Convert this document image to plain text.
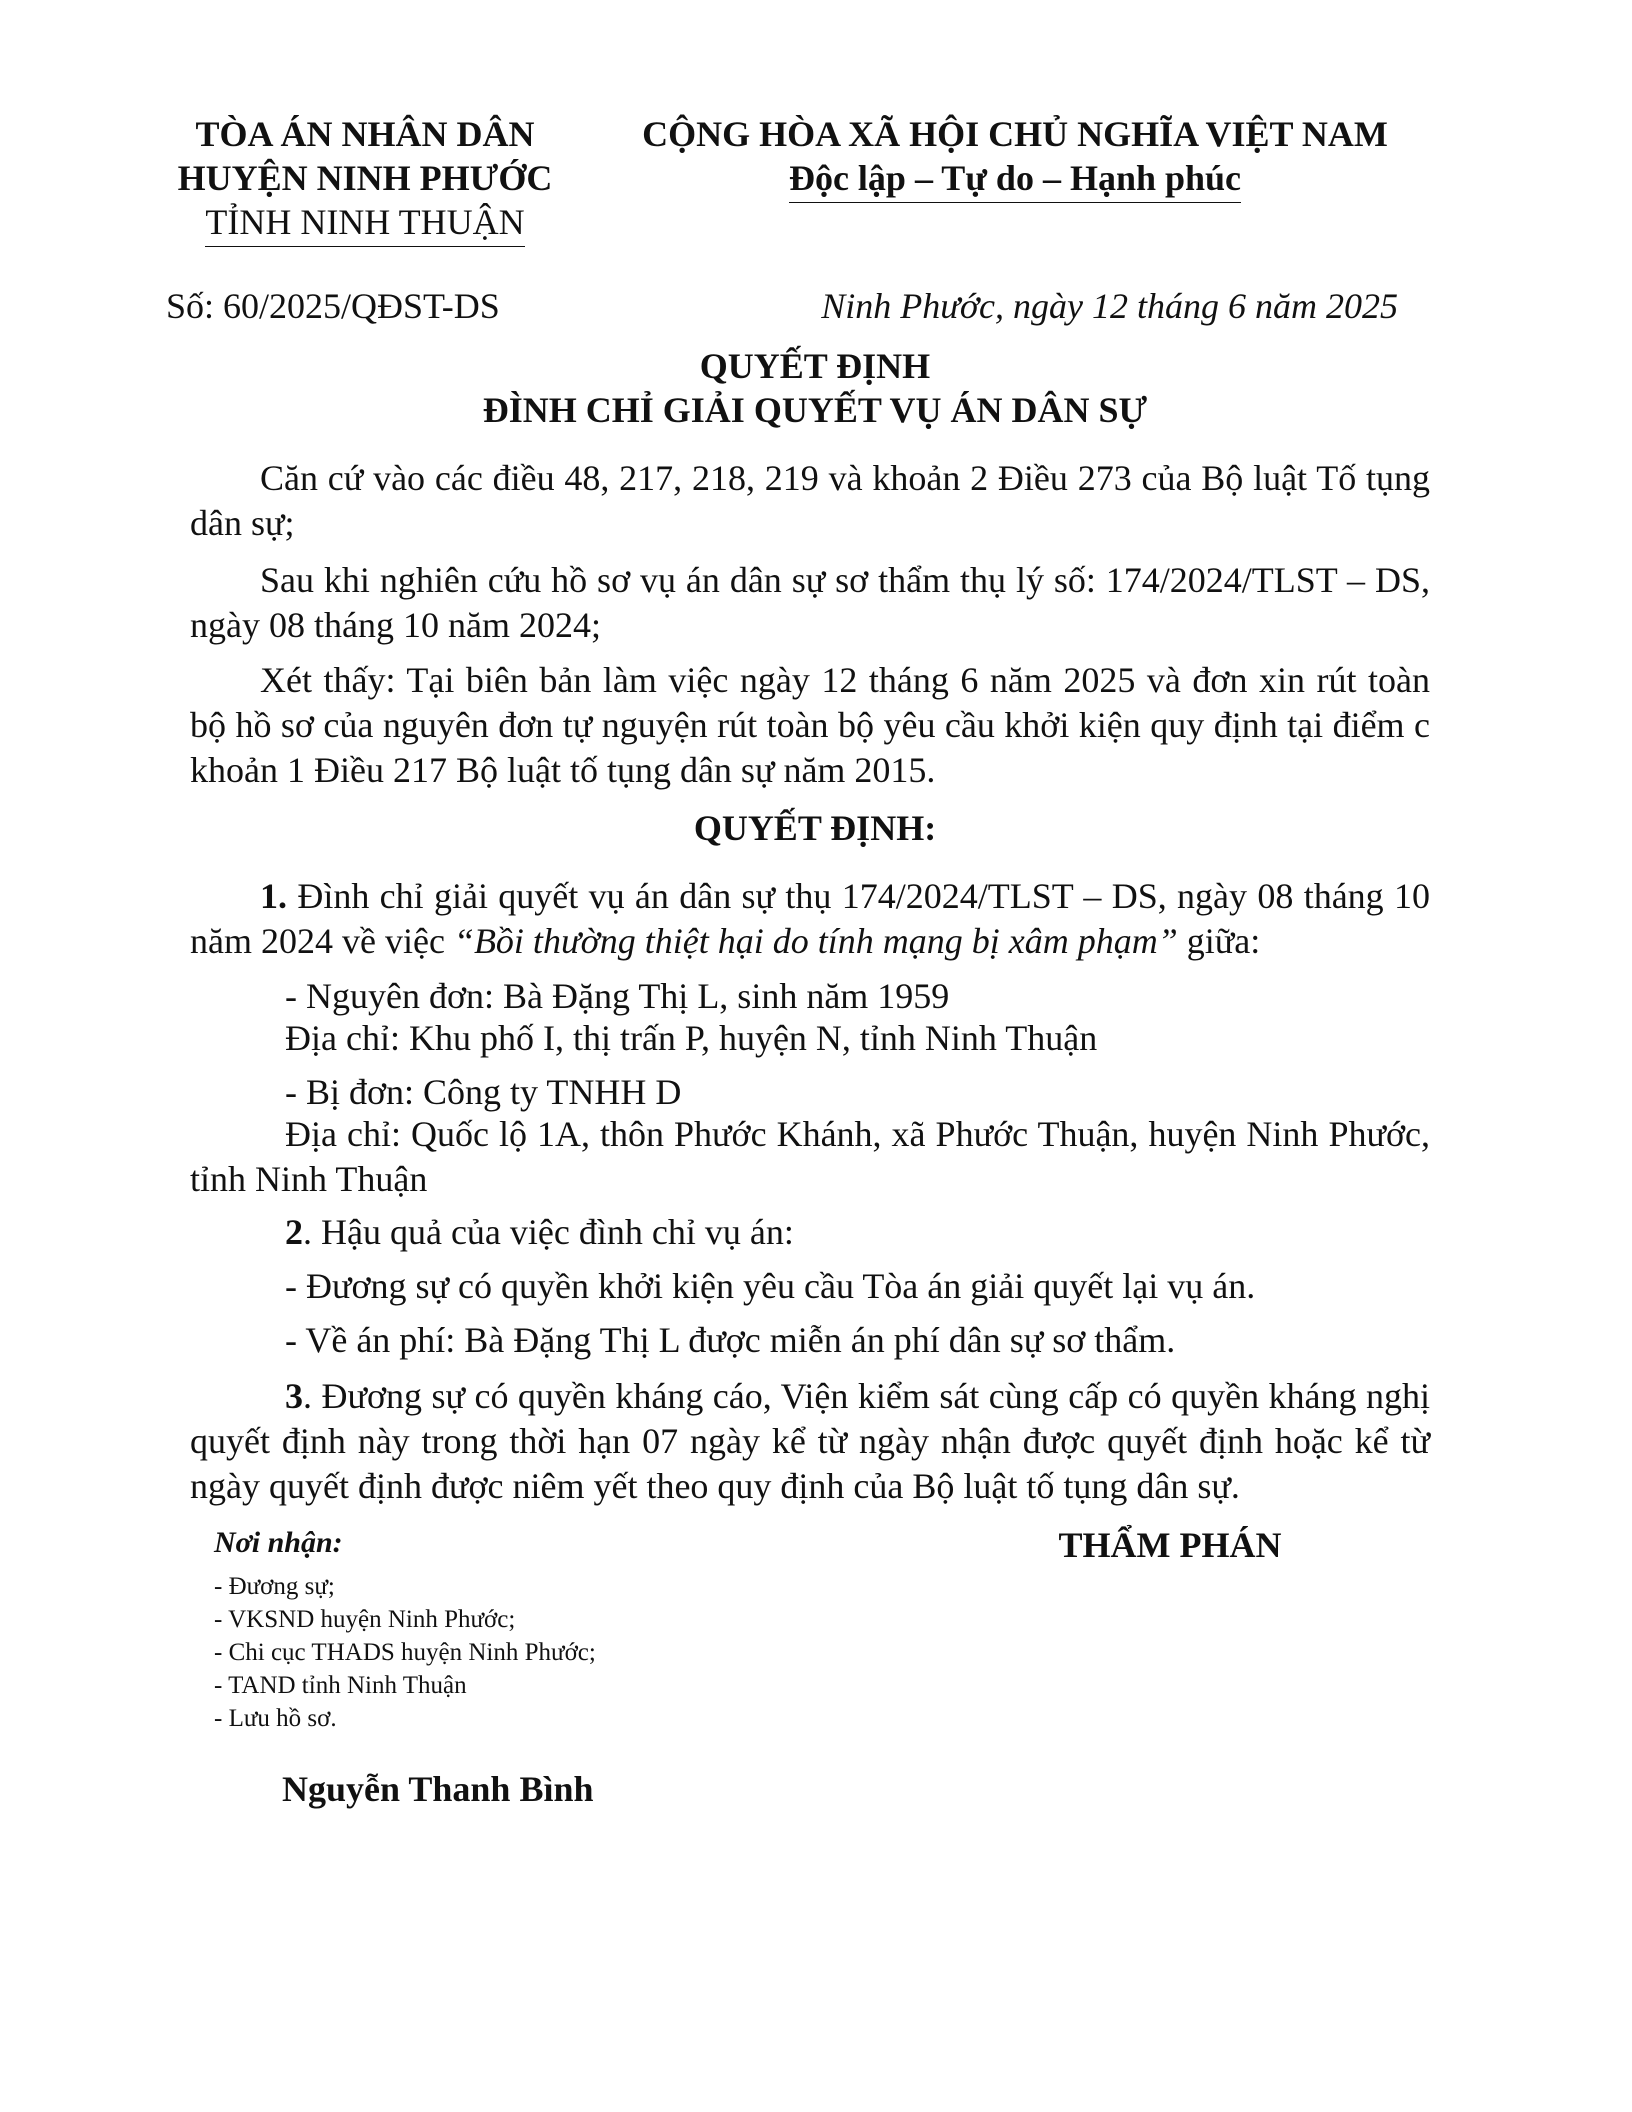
TÒA ÁN NHÂN DÂN
HUYỆN NINH PHƯỚC
TỈNH NINH THUẬN
CỘNG HÒA XÃ HỘI CHỦ NGHĨA VIỆT NAM
Độc lập – Tự do – Hạnh phúc
Số: 60/2025/QĐST-DS	Ninh Phước, ngày 12 tháng 6 năm 2025
QUYẾT ĐỊNH
ĐÌNH CHỈ GIẢI QUYẾT VỤ ÁN DÂN SỰ
Căn cứ vào các điều 48, 217, 218, 219 và khoản 2 Điều 273 của Bộ luật Tố tụng dân sự;
Sau khi nghiên cứu hồ sơ vụ án dân sự sơ thẩm thụ lý số: 174/2024/TLST – DS, ngày 08 tháng 10 năm 2024;
Xét thấy: Tại biên bản làm việc ngày 12 tháng 6 năm 2025 và đơn xin rút toàn bộ hồ sơ của nguyên đơn tự nguyện rút toàn bộ yêu cầu khởi kiện quy định tại điểm c khoản 1 Điều 217 Bộ luật tố tụng dân sự năm 2015.
QUYẾT ĐỊNH:
1. Đình chỉ giải quyết vụ án dân sự thụ 174/2024/TLST – DS, ngày 08 tháng 10 năm 2024 về việc “Bồi thường thiệt hại do tính mạng bị xâm phạm” giữa:
- Nguyên đơn: Bà Đặng Thị L, sinh năm 1959
Địa chỉ: Khu phố I, thị trấn P, huyện N, tỉnh Ninh Thuận
- Bị đơn: Công ty TNHH D
Địa chỉ: Quốc lộ 1A, thôn Phước Khánh, xã Phước Thuận, huyện Ninh Phước, tỉnh Ninh Thuận
2. Hậu quả của việc đình chỉ vụ án:
- Đương sự có quyền khởi kiện yêu cầu Tòa án giải quyết lại vụ án.
- Về án phí: Bà Đặng Thị L được miễn án phí dân sự sơ thẩm.
3. Đương sự có quyền kháng cáo, Viện kiểm sát cùng cấp có quyền kháng nghị quyết định này trong thời hạn 07 ngày kể từ ngày nhận được quyết định hoặc kể từ ngày quyết định được niêm yết theo quy định của Bộ luật tố tụng dân sự.
Nơi nhận:
- Đương sự;
- VKSND huyện Ninh Phước;
- Chi cục THADS huyện Ninh Phước;
- TAND tỉnh Ninh Thuận
- Lưu hồ sơ.
THẨM PHÁN
Nguyễn Thanh Bình
